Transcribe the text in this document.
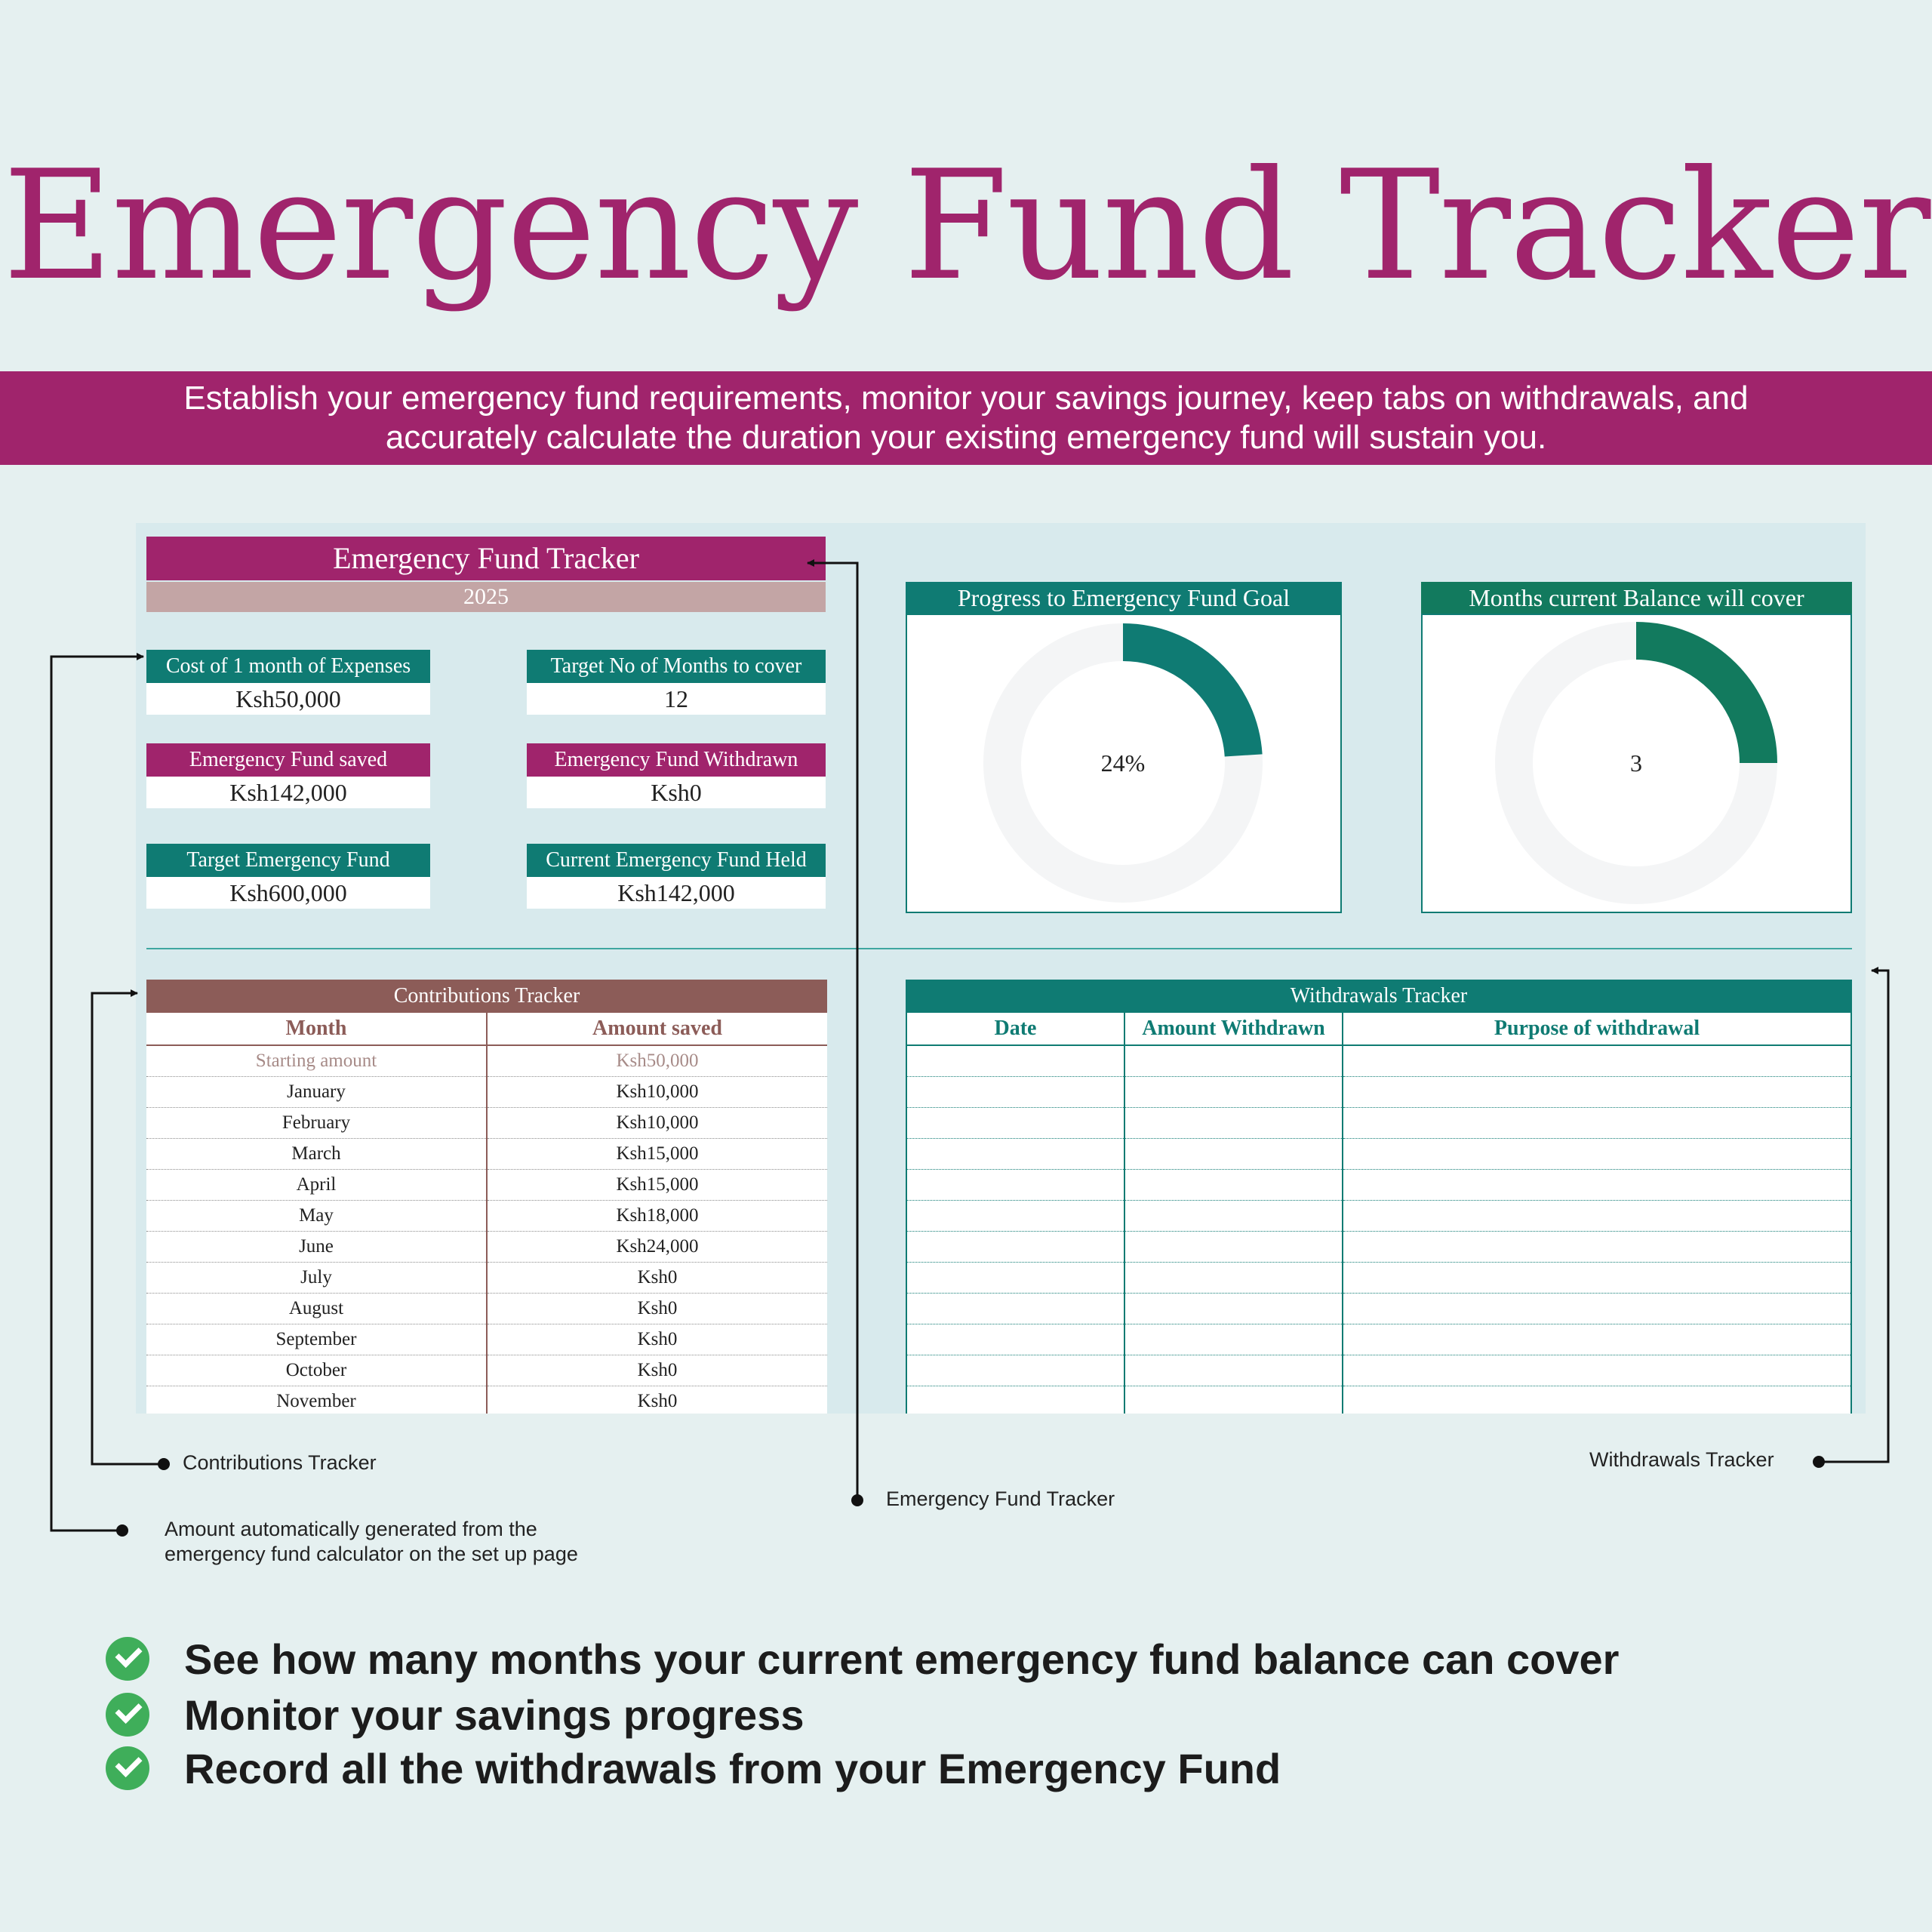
Emergency Fund Tracker
Establish your emergency fund requirements, monitor your savings journey, keep tabs on withdrawals, and
accurately calculate the duration your existing emergency fund will sustain you.
Emergency Fund Tracker
2025
Cost of 1 month of Expenses
Ksh50,000
Target No of Months to cover
12
Emergency Fund saved
Ksh142,000
Emergency Fund Withdrawn
Ksh0
Target Emergency Fund
Ksh600,000
Current Emergency Fund Held
Ksh142,000
Progress to Emergency Fund Goal
24%
Months current Balance will cover
3
Contributions Tracker
Month	Amount saved
Starting amount	Ksh50,000
January	Ksh10,000
February	Ksh10,000
March	Ksh15,000
April	Ksh15,000
May	Ksh18,000
June	Ksh24,000
July	Ksh0
August	Ksh0
September	Ksh0
October	Ksh0
November	Ksh0
Withdrawals Tracker
Date	Amount Withdrawn	Purpose of withdrawal

Contributions Tracker
Emergency Fund Tracker
Withdrawals Tracker
Amount automatically generated from the
emergency fund calculator on the set up page
See how many months your current emergency fund balance can cover
Monitor your savings progress
Record all the withdrawals from your Emergency Fund
